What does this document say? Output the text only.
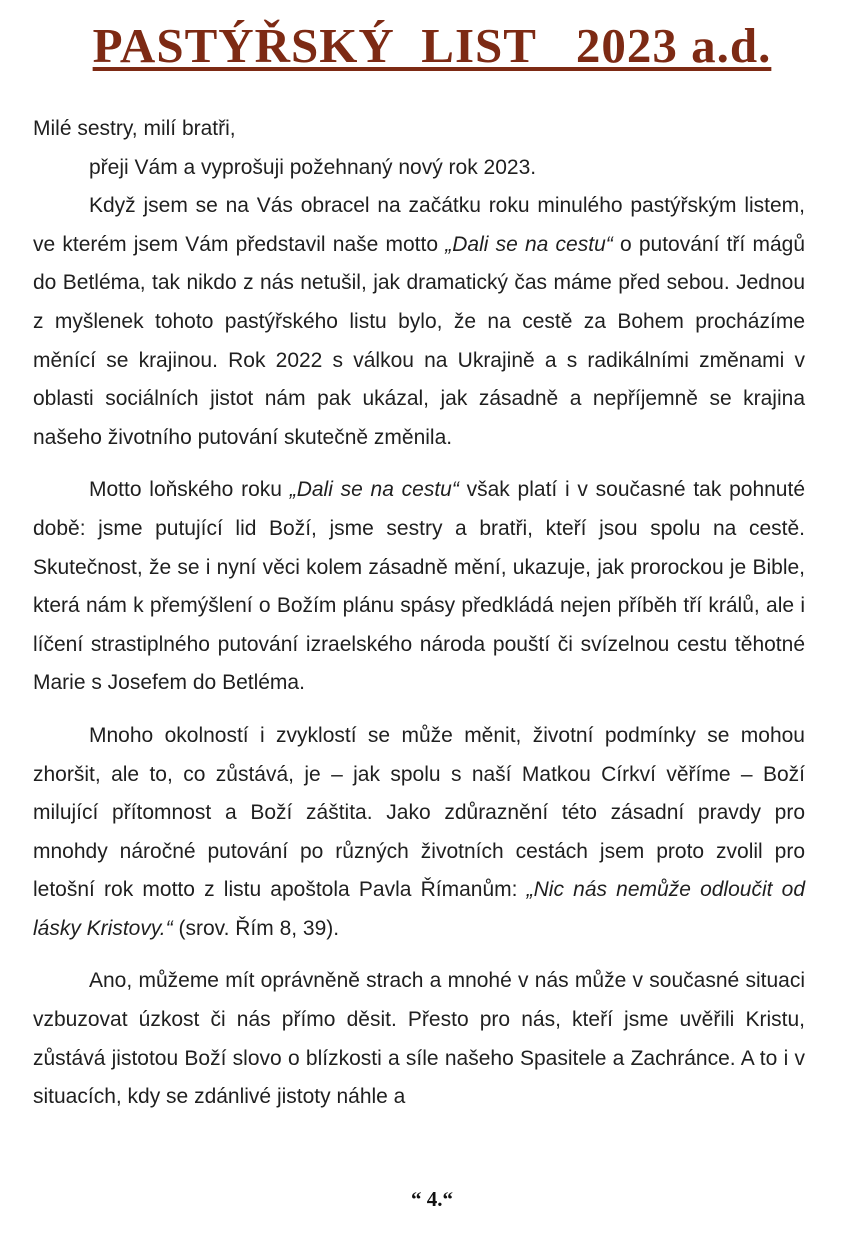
PASTÝŘSKÝ  LIST   2023 a.d.

Milé sestry, milí bratři,

přeji Vám a vyprošuji požehnaný nový rok 2023.

Když jsem se na Vás obracel na začátku roku minulého pastýřským listem, ve kterém jsem Vám představil naše motto „Dali se na cestu“ o putování tří mágů do Betléma, tak nikdo z nás netušil, jak dramatický čas máme před sebou. Jednou z myšlenek tohoto pastýřského listu bylo, že na cestě za Bohem procházíme měnící se krajinou. Rok 2022 s válkou na Ukrajině a s radikálními změnami v oblasti sociálních jistot nám pak ukázal, jak zásadně a nepříjemně se krajina našeho životního putování skutečně změnila.

Motto loňského roku „Dali se na cestu“ však platí i v současné tak pohnuté době: jsme putující lid Boží, jsme sestry a bratři, kteří jsou spolu na cestě. Skutečnost, že se i nyní věci kolem zásadně mění, ukazuje, jak prorockou je Bible, která nám k přemýšlení o Božím plánu spásy předkládá nejen příběh tří králů, ale i líčení strastiplného putování izraelského národa pouští či svízelnou cestu těhotné Marie s Josefem do Betléma.

Mnoho okolností i zvyklostí se může měnit, životní podmínky se mohou zhoršit, ale to, co zůstává, je – jak spolu s naší Matkou Církví věříme – Boží milující přítomnost a Boží záštita. Jako zdůraznění této zásadní pravdy pro mnohdy náročné putování po různých životních cestách jsem proto zvolil pro letošní rok motto z listu apoštola Pavla Římanům: „Nic nás nemůže odloučit od lásky Kristovy.“ (srov. Řím 8, 39).

Ano, můžeme mít oprávněně strach a mnohé v nás může v současné situaci vzbuzovat úzkost či nás přímo děsit. Přesto pro nás, kteří jsme uvěřili Kristu, zůstává jistotou Boží slovo o blízkosti a síle našeho Spasitele a Zachránce. A to i v situacích, kdy se zdánlivé jistoty náhle a

“ 4.“
